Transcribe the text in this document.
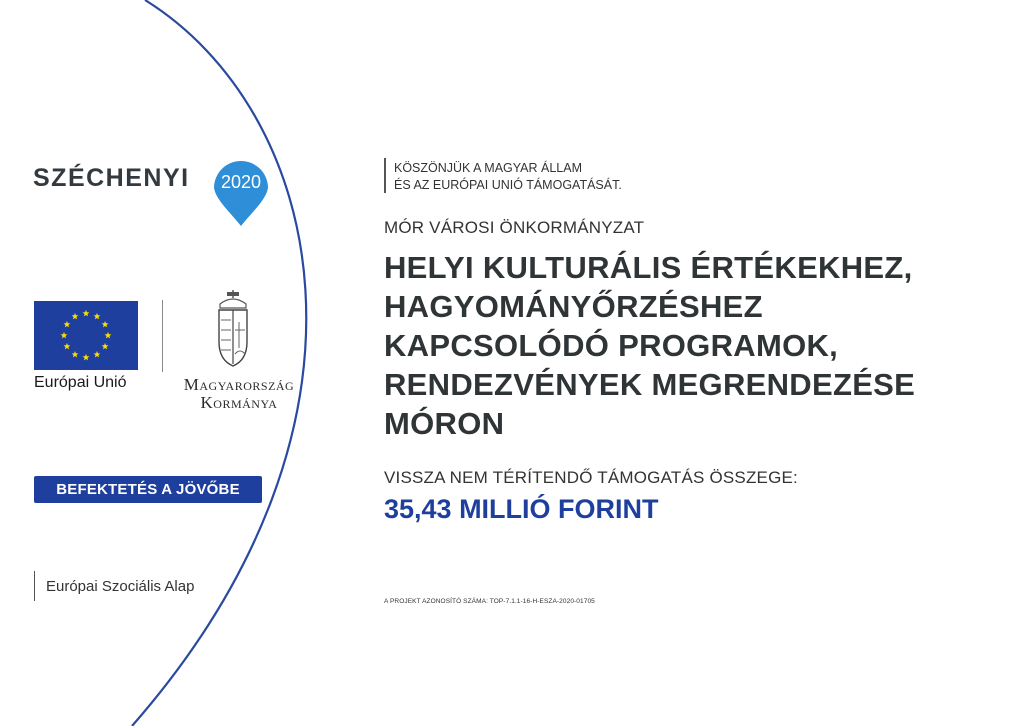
SZÉCHENYI 2020
Európai Unió	Magyarország
Kormánya
BEFEKTETÉS A JÖVŐBE
Európai Szociális Alap
KÖSZÖNJÜK A MAGYAR ÁLLAM
ÉS AZ EURÓPAI UNIÓ TÁMOGATÁSÁT.
MÓR VÁROSI ÖNKORMÁNYZAT
HELYI KULTURÁLIS ÉRTÉKEKHEZ,
HAGYOMÁNYŐRZÉSHEZ
KAPCSOLÓDÓ PROGRAMOK,
RENDEZVÉNYEK MEGRENDEZÉSE
MÓRON
VISSZA NEM TÉRÍTENDŐ TÁMOGATÁS ÖSSZEGE:
35,43 MILLIÓ FORINT
A PROJEKT AZONOSÍTÓ SZÁMA: TOP-7.1.1-16-H-ESZA-2020-01705
